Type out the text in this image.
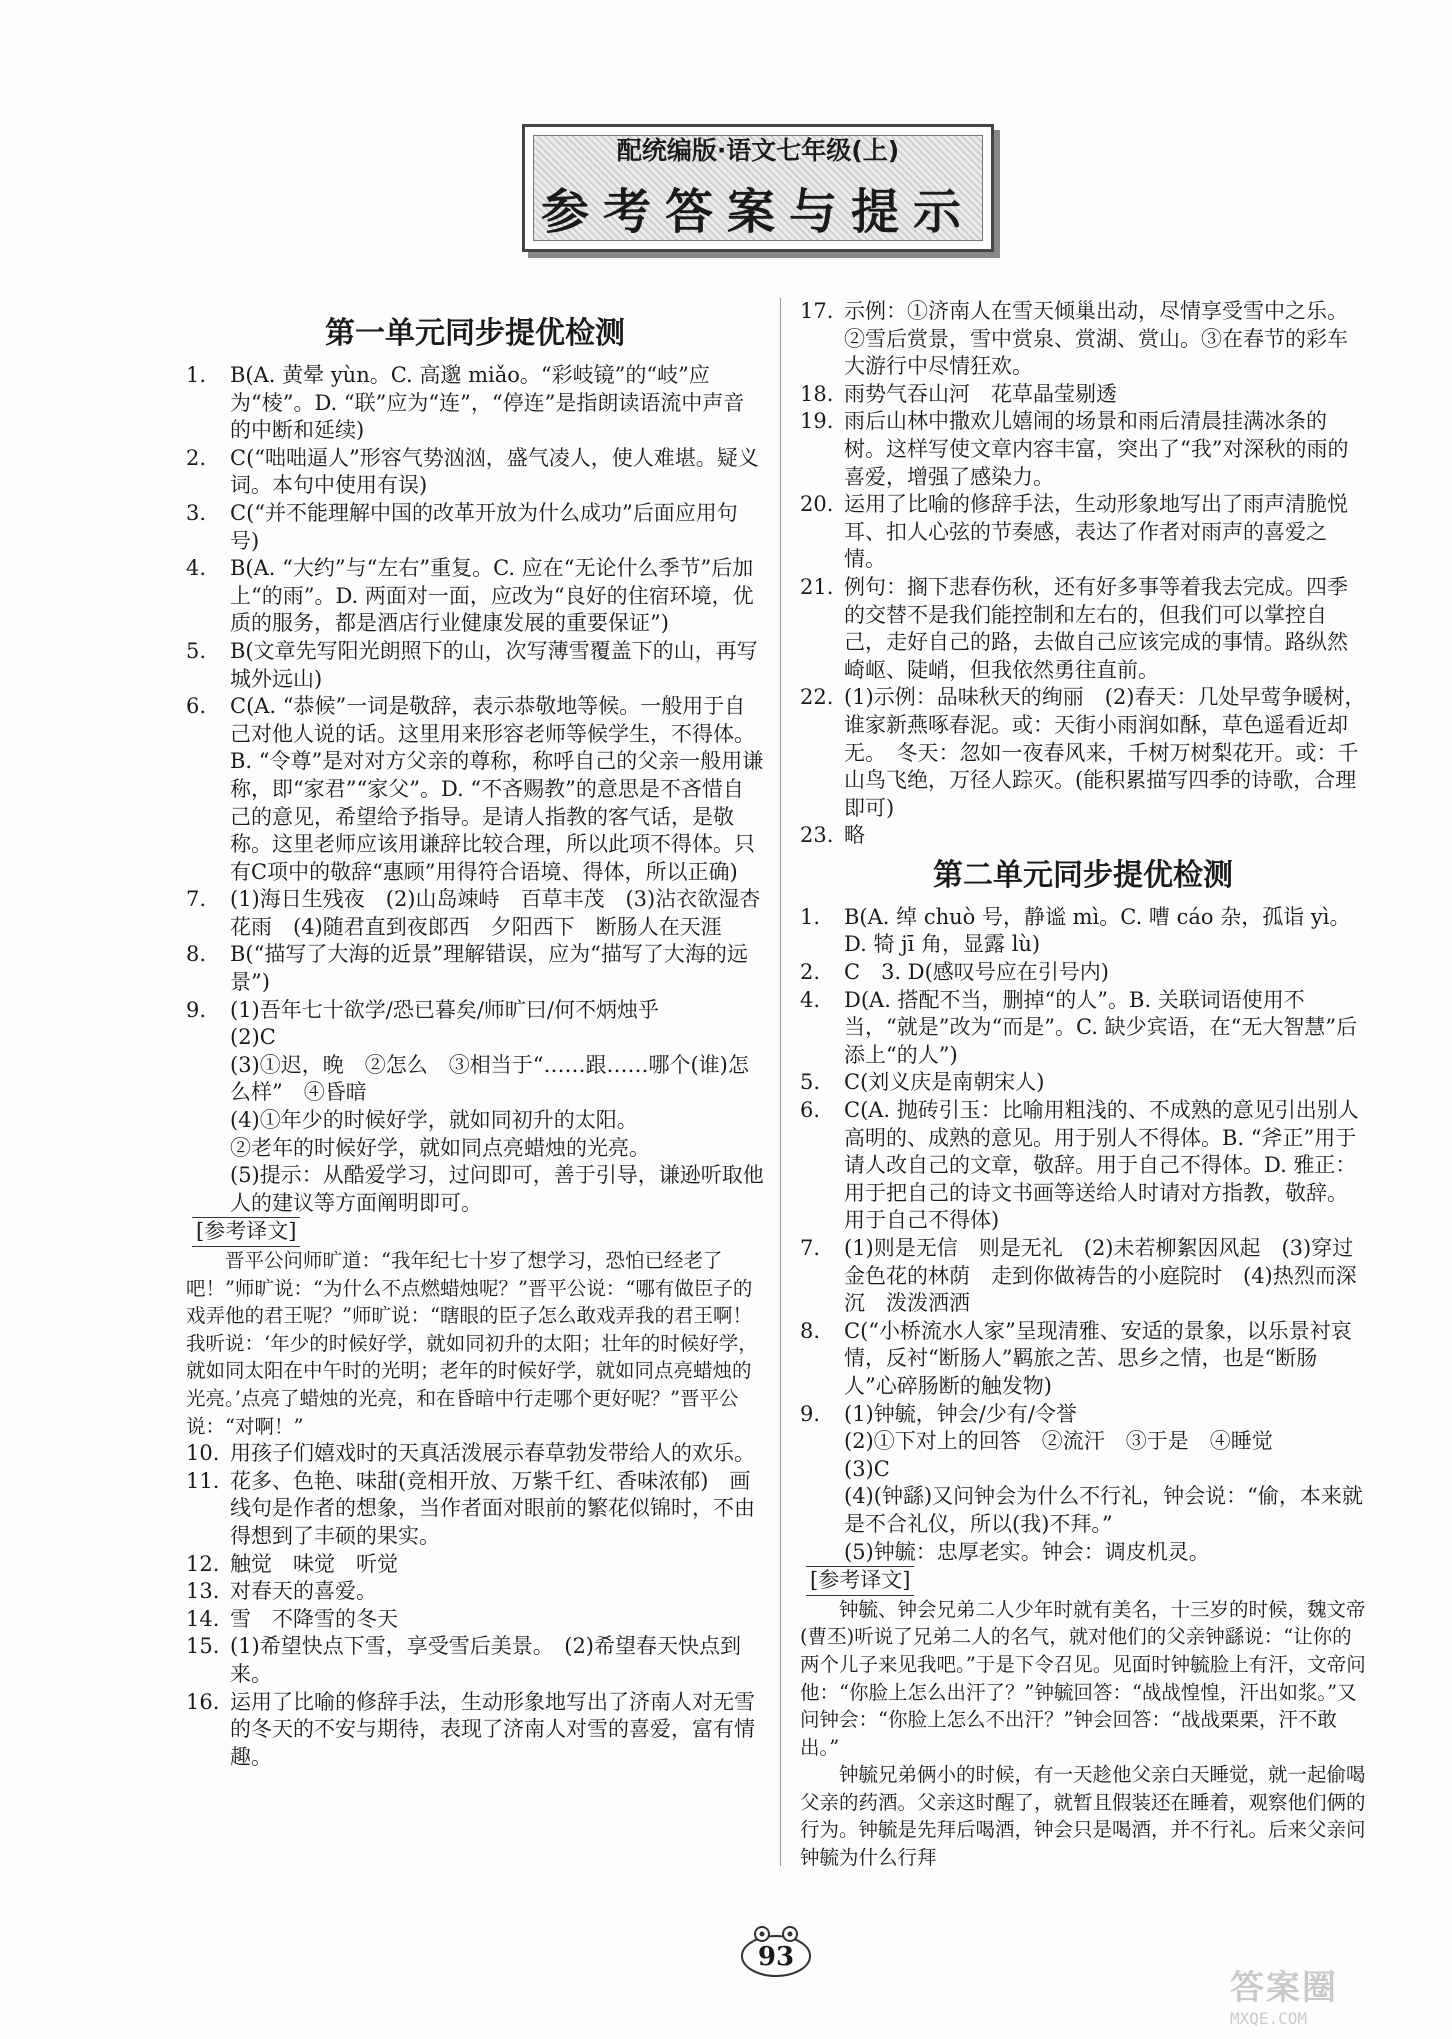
配统编版·语文七年级(上)
参考答案与提示
第一单元同步提优检测
1.	B(A. 黄晕 yùn。C. 高邈 miǎo。“彩岐镜”的“岐”应为“棱”。D. “联”应为“连”，“停连”是指朗读语流中声音的中断和延续)
2.	C(“咄咄逼人”形容气势汹汹，盛气凌人，使人难堪。疑义词。本句中使用有误)
3.	C(“并不能理解中国的改革开放为什么成功”后面应用句号)
4.	B(A. “大约”与“左右”重复。C. 应在“无论什么季节”后加上“的雨”。D. 两面对一面，应改为“良好的住宿环境，优质的服务，都是酒店行业健康发展的重要保证”)
5.	B(文章先写阳光朗照下的山，次写薄雪覆盖下的山，再写城外远山)
6.	C(A. “恭候”一词是敬辞，表示恭敬地等候。一般用于自己对他人说的话。这里用来形容老师等候学生，不得体。B. “令尊”是对对方父亲的尊称，称呼自己的父亲一般用谦称，即“家君”“家父”。D. “不吝赐教”的意思是不吝惜自己的意见，希望给予指导。是请人指教的客气话，是敬称。这里老师应该用谦辞比较合理，所以此项不得体。只有C项中的敬辞“惠顾”用得符合语境、得体，所以正确)
7.	(1)海日生残夜　(2)山岛竦峙　百草丰茂　(3)沾衣欲湿杏花雨　(4)随君直到夜郎西　夕阳西下　断肠人在天涯
8.	B(“描写了大海的近景”理解错误，应为“描写了大海的远景”)
9.	(1)吾年七十欲学/恐已暮矣/师旷曰/何不炳烛乎
(2)C
(3)①迟，晚　②怎么　③相当于“……跟……哪个(谁)怎么样”　④昏暗
(4)①年少的时候好学，就如同初升的太阳。
②老年的时候好学，就如同点亮蜡烛的光亮。
(5)提示：从酷爱学习，过问即可，善于引导，谦逊听取他人的建议等方面阐明即可。
[参考译文]
晋平公问师旷道：“我年纪七十岁了想学习，恐怕已经老了吧！”师旷说：“为什么不点燃蜡烛呢？”晋平公说：“哪有做臣子的戏弄他的君王呢？”师旷说：“瞎眼的臣子怎么敢戏弄我的君王啊！我听说：‘年少的时候好学，就如同初升的太阳；壮年的时候好学，就如同太阳在中午时的光明；老年的时候好学，就如同点亮蜡烛的光亮。’点亮了蜡烛的光亮，和在昏暗中行走哪个更好呢？”晋平公说：“对啊！”
10. 用孩子们嬉戏时的天真活泼展示春草勃发带给人的欢乐。
11. 花多、色艳、味甜(竞相开放、万紫千红、香味浓郁)　画线句是作者的想象，当作者面对眼前的繁花似锦时，不由得想到了丰硕的果实。
12. 触觉　味觉　听觉
13. 对春天的喜爱。
14. 雪　不降雪的冬天
15. (1)希望快点下雪，享受雪后美景。　(2)希望春天快点到来。
16. 运用了比喻的修辞手法，生动形象地写出了济南人对无雪的冬天的不安与期待，表现了济南人对雪的喜爱，富有情趣。
17. 示例：①济南人在雪天倾巢出动，尽情享受雪中之乐。②雪后赏景，雪中赏泉、赏湖、赏山。③在春节的彩车大游行中尽情狂欢。
18. 雨势气吞山河　花草晶莹剔透
19. 雨后山林中撒欢儿嬉闹的场景和雨后清晨挂满冰条的树。这样写使文章内容丰富，突出了“我”对深秋的雨的喜爱，增强了感染力。
20. 运用了比喻的修辞手法，生动形象地写出了雨声清脆悦耳、扣人心弦的节奏感，表达了作者对雨声的喜爱之情。
21. 例句：搁下悲春伤秋，还有好多事等着我去完成。四季的交替不是我们能控制和左右的，但我们可以掌控自己，走好自己的路，去做自己应该完成的事情。路纵然崎岖、陡峭，但我依然勇往直前。
22. (1)示例：品味秋天的绚丽　(2)春天：几处早莺争暖树，谁家新燕啄春泥。或：天街小雨润如酥，草色遥看近却无。　冬天：忽如一夜春风来，千树万树梨花开。或：千山鸟飞绝，万径人踪灭。(能积累描写四季的诗歌，合理即可)
23. 略
第二单元同步提优检测
1.	B(A. 绰 chuò 号，静谧 mì。C. 嘈 cáo 杂，孤诣 yì。D. 犄 jī 角，显露 lù)
2.	C　3. D(感叹号应在引号内)
4.	D(A. 搭配不当，删掉“的人”。B. 关联词语使用不当，“就是”改为“而是”。C. 缺少宾语，在“无大智慧”后添上“的人”)
5.	C(刘义庆是南朝宋人)
6.	C(A. 抛砖引玉：比喻用粗浅的、不成熟的意见引出别人高明的、成熟的意见。用于别人不得体。B. “斧正”用于请人改自己的文章，敬辞。用于自己不得体。D. 雅正：用于把自己的诗文书画等送给人时请对方指教，敬辞。用于自己不得体)
7.	(1)则是无信　则是无礼　(2)未若柳絮因风起　(3)穿过金色花的林荫　走到你做祷告的小庭院时　(4)热烈而深沉　泼泼洒洒
8.	C(“小桥流水人家”呈现清雅、安适的景象，以乐景衬哀情，反衬“断肠人”羁旅之苦、思乡之情，也是“断肠人”心碎肠断的触发物)
9.	(1)钟毓，钟会/少有/令誉
(2)①下对上的回答　②流汗　③于是　④睡觉
(3)C
(4)(钟繇)又问钟会为什么不行礼，钟会说：“偷，本来就是不合礼仪，所以(我)不拜。”
(5)钟毓：忠厚老实。钟会：调皮机灵。
[参考译文]
钟毓、钟会兄弟二人少年时就有美名，十三岁的时候，魏文帝(曹丕)听说了兄弟二人的名气，就对他们的父亲钟繇说：“让你的两个儿子来见我吧。”于是下令召见。见面时钟毓脸上有汗，文帝问他：“你脸上怎么出汗了？”钟毓回答：“战战惶惶，汗出如浆。”又问钟会：“你脸上怎么不出汗？”钟会回答：“战战栗栗，汗不敢出。”
钟毓兄弟俩小的时候，有一天趁他父亲白天睡觉，就一起偷喝父亲的药酒。父亲这时醒了，就暂且假装还在睡着，观察他们俩的行为。钟毓是先拜后喝酒，钟会只是喝酒，并不行礼。后来父亲问钟毓为什么行拜
93
答案圈
MXQE.COM
